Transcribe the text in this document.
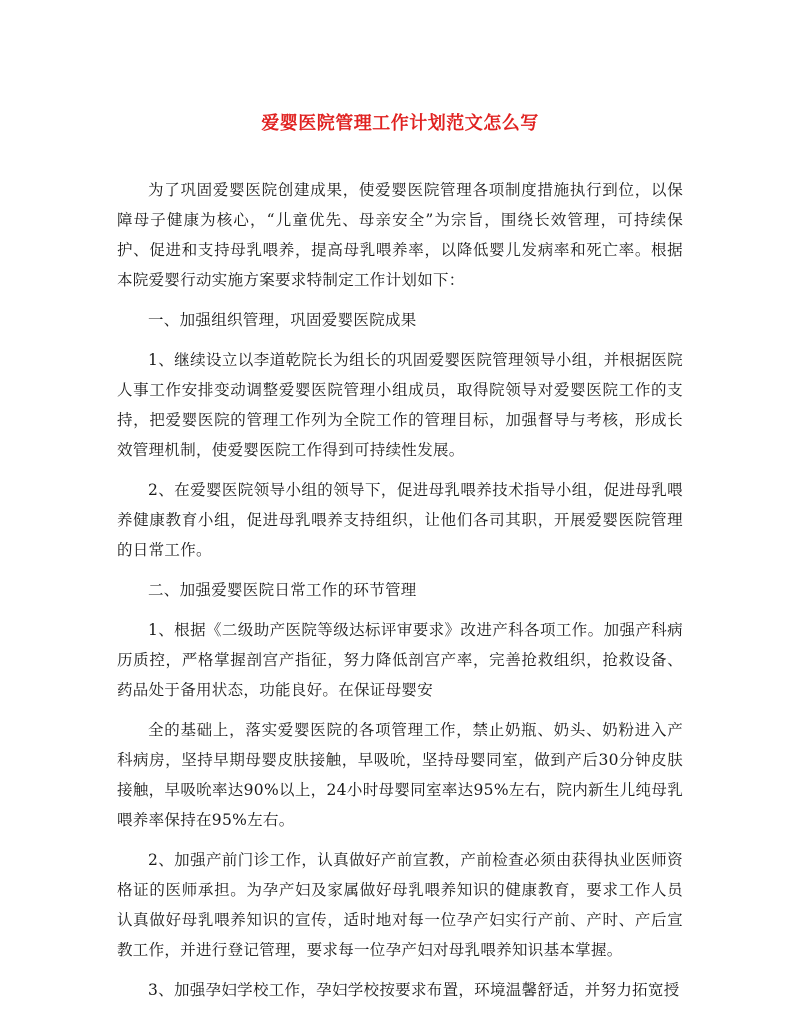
爱婴医院管理工作计划范文怎么写

为了巩固爱婴医院创建成果，使爱婴医院管理各项制度措施执行到位，以保障母子健康为核心，“儿童优先、母亲安全”为宗旨，围绕长效管理，可持续保护、促进和支持母乳喂养，提高母乳喂养率，以降低婴儿发病率和死亡率。根据本院爱婴行动实施方案要求特制定工作计划如下：

一、加强组织管理，巩固爱婴医院成果

1、继续设立以李道乾院长为组长的巩固爱婴医院管理领导小组，并根据医院人事工作安排变动调整爱婴医院管理小组成员，取得院领导对爱婴医院工作的支持，把爱婴医院的管理工作列为全院工作的管理目标，加强督导与考核，形成长效管理机制，使爱婴医院工作得到可持续性发展。

2、在爱婴医院领导小组的领导下，促进母乳喂养技术指导小组，促进母乳喂养健康教育小组，促进母乳喂养支持组织，让他们各司其职，开展爱婴医院管理的日常工作。

二、加强爱婴医院日常工作的环节管理

1、根据《二级助产医院等级达标评审要求》改进产科各项工作。加强产科病历质控，严格掌握剖宫产指征，努力降低剖宫产率，完善抢救组织，抢救设备、药品处于备用状态，功能良好。在保证母婴安

全的基础上，落实爱婴医院的各项管理工作，禁止奶瓶、奶头、奶粉进入产科病房，坚持早期母婴皮肤接触，早吸吮，坚持母婴同室，做到产后30分钟皮肤接触，早吸吮率达90%以上，24小时母婴同室率达95%左右，院内新生儿纯母乳喂养率保持在95%左右。

2、加强产前门诊工作，认真做好产前宣教，产前检查必须由获得执业医师资格证的医师承担。为孕产妇及家属做好母乳喂养知识的健康教育，要求工作人员认真做好母乳喂养知识的宣传，适时地对每一位孕产妇实行产前、产时、产后宣教工作，并进行登记管理，要求每一位孕产妇对母乳喂养知识基本掌握。

3、加强孕妇学校工作，孕妇学校按要求布置，环境温馨舒适，并努力拓宽授
